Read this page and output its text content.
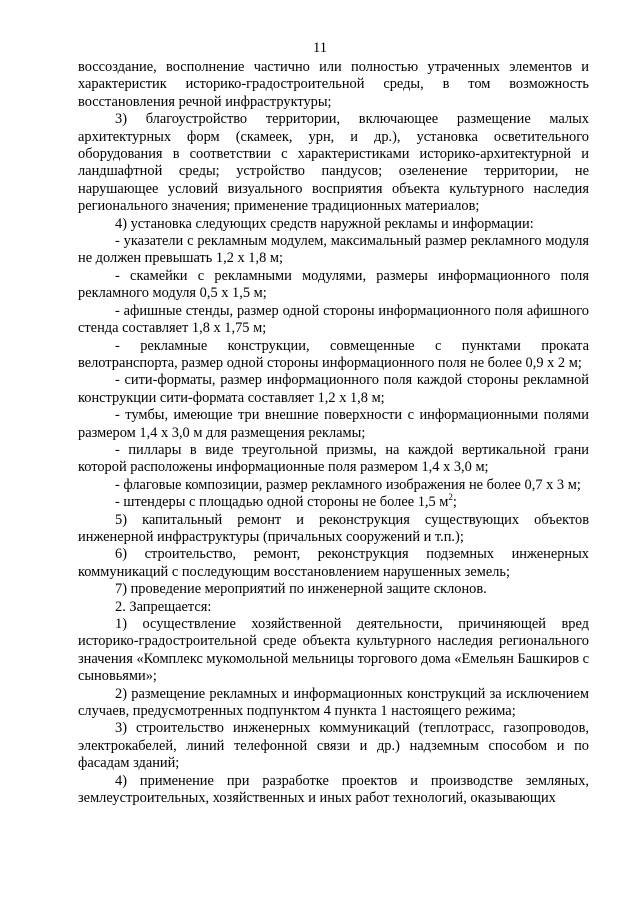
11

воссоздание, восполнение частично или полностью утраченных элементов и характеристик историко-градостроительной среды, в том возможность восстановления речной инфраструктуры;

3) благоустройство территории, включающее размещение малых архитектурных форм (скамеек, урн, и др.), установка осветительного оборудования в соответствии с характеристиками историко-архитектурной и ландшафтной среды; устройство пандусов; озеленение территории, не нарушающее условий визуального восприятия объекта культурного наследия регионального значения; применение традиционных материалов;

4) установка следующих средств наружной рекламы и информации:

- указатели с рекламным модулем, максимальный размер рекламного модуля не должен превышать 1,2 х 1,8 м;

- скамейки с рекламными модулями, размеры информационного поля рекламного модуля 0,5 х 1,5 м;

- афишные стенды, размер одной стороны информационного поля афишного стенда составляет 1,8 х 1,75 м;

- рекламные конструкции, совмещенные с пунктами проката велотранспорта, размер одной стороны информационного поля не более 0,9 х 2 м;

- сити-форматы, размер информационного поля каждой стороны рекламной конструкции сити-формата составляет 1,2 х 1,8 м;

- тумбы, имеющие три внешние поверхности с информационными полями размером 1,4 х 3,0 м для размещения рекламы;

- пиллары в виде треугольной призмы, на каждой вертикальной грани которой расположены информационные поля размером 1,4 х 3,0 м;

- флаговые композиции, размер рекламного изображения не более 0,7 х 3 м;

- штендеры с площадью одной стороны не более 1,5 $м^2$;

5) капитальный ремонт и реконструкция существующих объектов инженерной инфраструктуры (причальных сооружений и т.п.);

6) строительство, ремонт, реконструкция подземных инженерных коммуникаций с последующим восстановлением нарушенных земель;

7) проведение мероприятий по инженерной защите склонов.

2. Запрещается:

1) осуществление хозяйственной деятельности, причиняющей вред историко-градостроительной среде объекта культурного наследия регионального значения «Комплекс мукомольной мельницы торгового дома «Емельян Башкиров с сыновьями»;

2) размещение рекламных и информационных конструкций за исключением случаев, предусмотренных подпунктом 4 пункта 1 настоящего режима;

3) строительство инженерных коммуникаций (теплотрасс, газопроводов, электрокабелей, линий телефонной связи и др.) надземным способом и по фасадам зданий;

4) применение при разработке проектов и производстве земляных, землеустроительных, хозяйственных и иных работ технологий, оказывающих
